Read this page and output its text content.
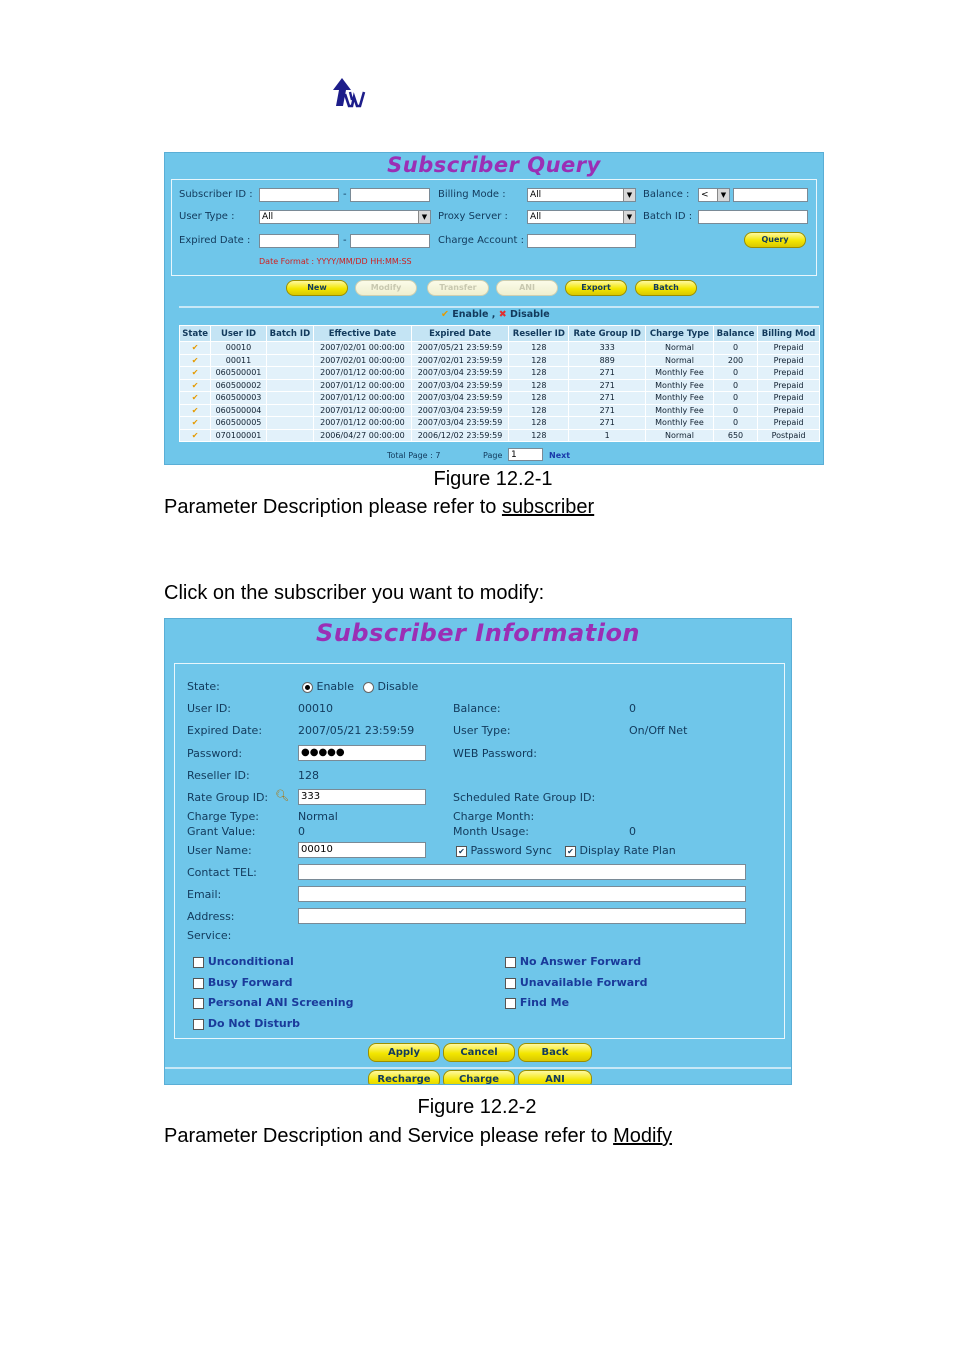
Subscriber Query
Subscriber ID :	-	Billing Mode :	All	▼ Balance :	<	▼
User Type :	All	▼ Proxy Server :	All	▼ Batch ID :
Expired Date :	-	Charge Account :	Query
Date Format : YYYY/MM/DD HH:MM:SS
New	Modify	Transfer	ANI	Export	Batch
✔ Enable , ✖ Disable
State	User ID	Batch ID	Effective Date	Expired Date	Reseller ID	Rate Group ID	Charge Type	Balance	Billing Mod
✔	00010		2007/02/01 00:00:00	2007/05/21 23:59:59	128	333	Normal	0	Prepaid
✔	00011		2007/02/01 00:00:00	2007/02/01 23:59:59	128	889	Normal	200	Prepaid
✔	060500001		2007/01/12 00:00:00	2007/03/04 23:59:59	128	271	Monthly Fee	0	Prepaid
✔	060500002		2007/01/12 00:00:00	2007/03/04 23:59:59	128	271	Monthly Fee	0	Prepaid
✔	060500003		2007/01/12 00:00:00	2007/03/04 23:59:59	128	271	Monthly Fee	0	Prepaid
✔	060500004		2007/01/12 00:00:00	2007/03/04 23:59:59	128	271	Monthly Fee	0	Prepaid
✔	060500005		2007/01/12 00:00:00	2007/03/04 23:59:59	128	271	Monthly Fee	0	Prepaid
✔	070100001		2006/04/27 00:00:00	2006/12/02 23:59:59	128	1	Normal	650	Postpaid
Total Page : 7	Page 1	Next
Figure 12.2-1
Parameter Description please refer to subscriber
Click on the subscriber you want to modify:
Subscriber Information
State:	Enable	Disable
User ID:	00010	Balance:	0
Expired Date:	2007/05/21 23:59:59	User Type:	On/Off Net
Password:	●●●●●	WEB Password:
Reseller ID:	128
Rate Group ID: 🔍︎	333	Scheduled Rate Group ID:
Charge Type:	Normal	Charge Month:
Grant Value:	0	Month Usage:	0
User Name:	00010	✔ Password Sync ✔ Display Rate Plan
Contact TEL:
Email:
Address:
Service:
Unconditional
Busy Forward
Personal ANI Screening
Do Not Disturb
No Answer Forward
Unavailable Forward
Find Me
Apply	Cancel	Back
Recharge	Charge	ANI
Figure 12.2-2
Parameter Description and Service please refer to Modify
